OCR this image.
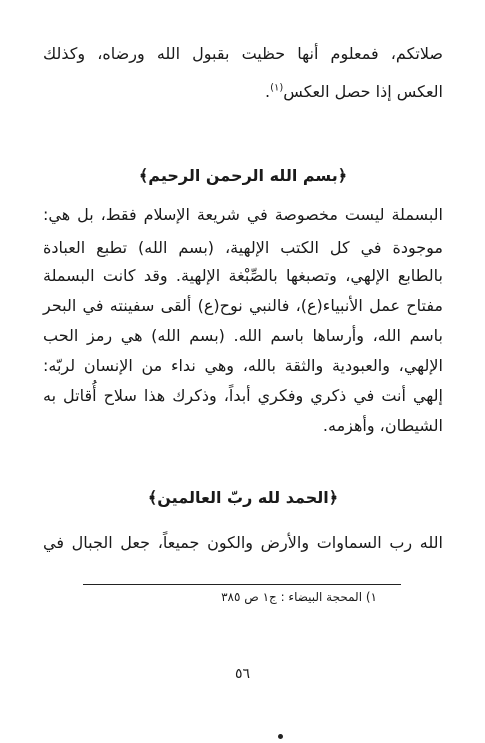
صلاتكم، فمعلوم أنها حظيت بقبول الله ورضاه، وكذلك
العكس إذا حصل العكس$^{(١)}$.
﴿بسم الله الرحمن الرحيم﴾
البسملة ليست مخصوصة في شريعة الإسلام فقط، بل هي:
موجودة في كل الكتب الإلهية، (بسم الله) تطبع العبادة
بالطابع الإلهي، وتصبغها بالصِّبْغة الإلهية. وقد كانت البسملة
مفتاح عمل الأنبياء(ع)، فالنبي نوح(ع) ألقى سفينته في البحر
باسم الله، وأرساها باسم الله. (بسم الله) هي رمز الحب
الإلهي، والعبودية والثقة بالله، وهي نداء من الإنسان لربّه:
إلهي أنت في ذكري وفكري أبداً، وذكرك هذا سلاح أُقاتل به
الشيطان، وأهزمه.
﴿الحمد لله ربّ العالمين﴾
الله رب السماوات والأرض والكون جميعاً، جعل الجبال في
١) المحجة البيضاء : ج١ ص ٣٨٥
٥٦
